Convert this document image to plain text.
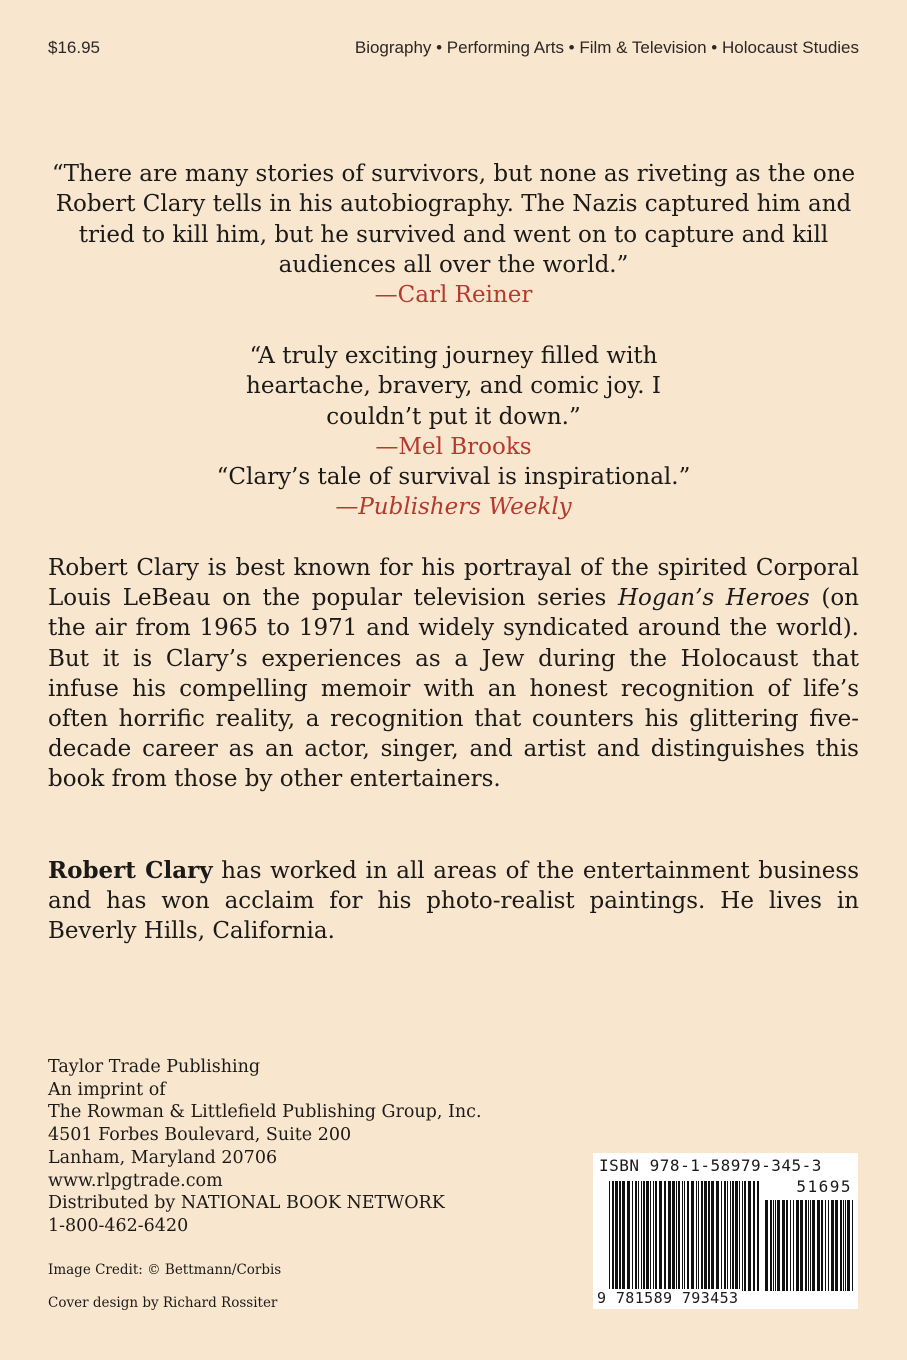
$16.95	Biography • Performing Arts • Film & Television • Holocaust Studies
“There are many stories of survivors, but none as riveting as the one Robert Clary tells in his autobiography. The Nazis captured him and tried to kill him, but he survived and went on to capture and kill audiences all over the world.”
—Carl Reiner
“A truly exciting journey filled with heartache, bravery, and comic joy. I couldn’t put it down.”
—Mel Brooks
“Clary’s tale of survival is inspirational.”
—Publishers Weekly
Robert Clary is best known for his portrayal of the spirited Corporal Louis LeBeau on the popular television series Hogan’s Heroes (on the air from 1965 to 1971 and widely syndicated around the world). But it is Clary’s experiences as a Jew during the Holocaust that infuse his compelling memoir with an honest recognition of life’s often horrific reality, a recognition that counters his glittering five-decade career as an actor, singer, and artist and distinguishes this book from those by other entertainers.
Robert Clary has worked in all areas of the entertainment business and has won acclaim for his photo-realist paintings. He lives in Beverly Hills, California.
Taylor Trade Publishing
An imprint of
The Rowman & Littlefield Publishing Group, Inc.
4501 Forbes Boulevard, Suite 200
Lanham, Maryland 20706
www.rlpgtrade.com
Distributed by NATIONAL BOOK NETWORK
1-800-462-6420
Image Credit: © Bettmann/Corbis
Cover design by Richard Rossiter
ISBN 978-1-58979-345-3
51695
9 781589 793453
